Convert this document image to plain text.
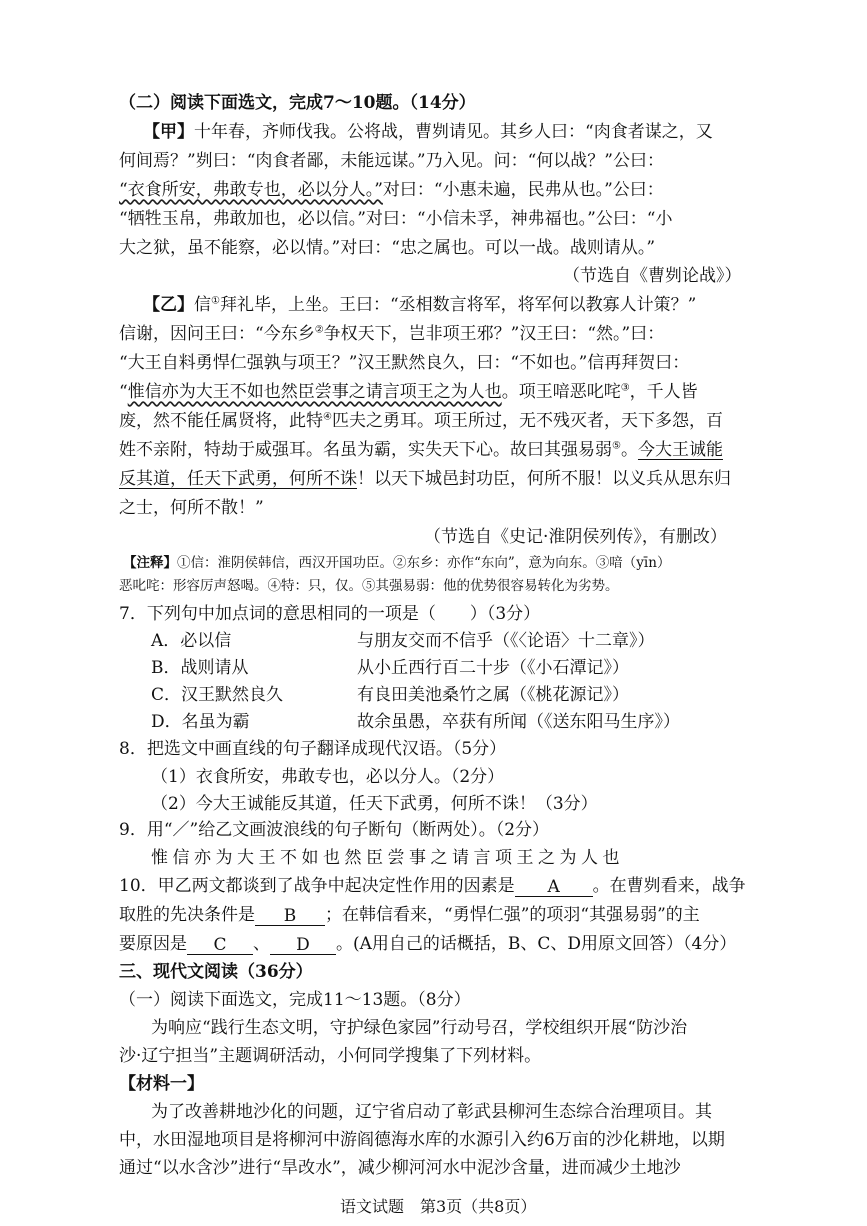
（二）阅读下面选文，完成7～10题。（14分）
【甲】十年春，齐师伐我。公将战，曹刿请见。其乡人曰：“肉食者谋之，又
何间焉？”刿曰：“肉食者鄙，未能远谋。”乃入见。问：“何以战？”公曰：
“衣食所安，弗敢专也，必以分人。”对曰：“小惠未遍，民弗从也。”公曰：
“牺牲玉帛，弗敢加也，必以信。”对曰：“小信未孚，神弗福也。”公曰：“小
大之狱，虽不能察，必以情。”对曰：“忠之属也。可以一战。战则请从。”
（节选自《曹刿论战》）
【乙】信①拜礼毕，上坐。王曰：“丞相数言将军，将军何以教寡人计策？”
信谢，因问王曰：“今东乡②争权天下，岂非项王邪？”汉王曰：“然。”曰：
“大王自料勇悍仁强孰与项王？”汉王默然良久，曰：“不如也。”信再拜贺曰：
“惟信亦为大王不如也然臣尝事之请言项王之为人也。项王喑恶叱咤③，千人皆
废，然不能任属贤将，此特④匹夫之勇耳。项王所过，无不残灭者，天下多怨，百
姓不亲附，特劫于威强耳。名虽为霸，实失天下心。故曰其强易弱⑤。今大王诚能
反其道，任天下武勇，何所不诛！以天下城邑封功臣，何所不服！以义兵从思东归
之士，何所不散！”
（节选自《史记·淮阴侯列传》，有删改）
【注释】①信：淮阴侯韩信，西汉开国功臣。②东乡：亦作“东向”，意为向东。③喑（yīn）
恶叱咤：形容厉声怒喝。④特：只，仅。⑤其强易弱：他的优势很容易转化为劣势。
7．下列句中加点词的意思相同的一项是（　　）（3分）
A．必以信	与朋友交而不信乎（《〈论语〉十二章》）
B．战则请从	从小丘西行百二十步（《小石潭记》）
C．汉王默然良久	有良田美池桑竹之属（《桃花源记》）
D．名虽为霸	故余虽愚，卒获有所闻（《送东阳马生序》）
8．把选文中画直线的句子翻译成现代汉语。（5分）
（1）衣食所安，弗敢专也，必以分人。（2分）
（2）今大王诚能反其道，任天下武勇，何所不诛！（3分）
9．用“／”给乙文画波浪线的句子断句（断两处）。（2分）
惟信亦为大王不如也然臣尝事之请言项王之为人也
10．甲乙两文都谈到了战争中起决定性作用的因素是 A 。在曹刿看来，战争
取胜的先决条件是 B ；在韩信看来，“勇悍仁强”的项羽“其强易弱”的主
要原因是 C 、 D 。(A用自己的话概括，B、C、D用原文回答）（4分）
三、现代文阅读（36分）
（一）阅读下面选文，完成11～13题。（8分）
为响应“践行生态文明，守护绿色家园”行动号召，学校组织开展“防沙治
沙·辽宁担当”主题调研活动，小何同学搜集了下列材料。
【材料一】
为了改善耕地沙化的问题，辽宁省启动了彰武县柳河生态综合治理项目。其
中，水田湿地项目是将柳河中游阎德海水库的水源引入约6万亩的沙化耕地，以期
通过“以水含沙”进行“旱改水”，减少柳河河水中泥沙含量，进而减少土地沙
语文试题　第3页（共8页）
